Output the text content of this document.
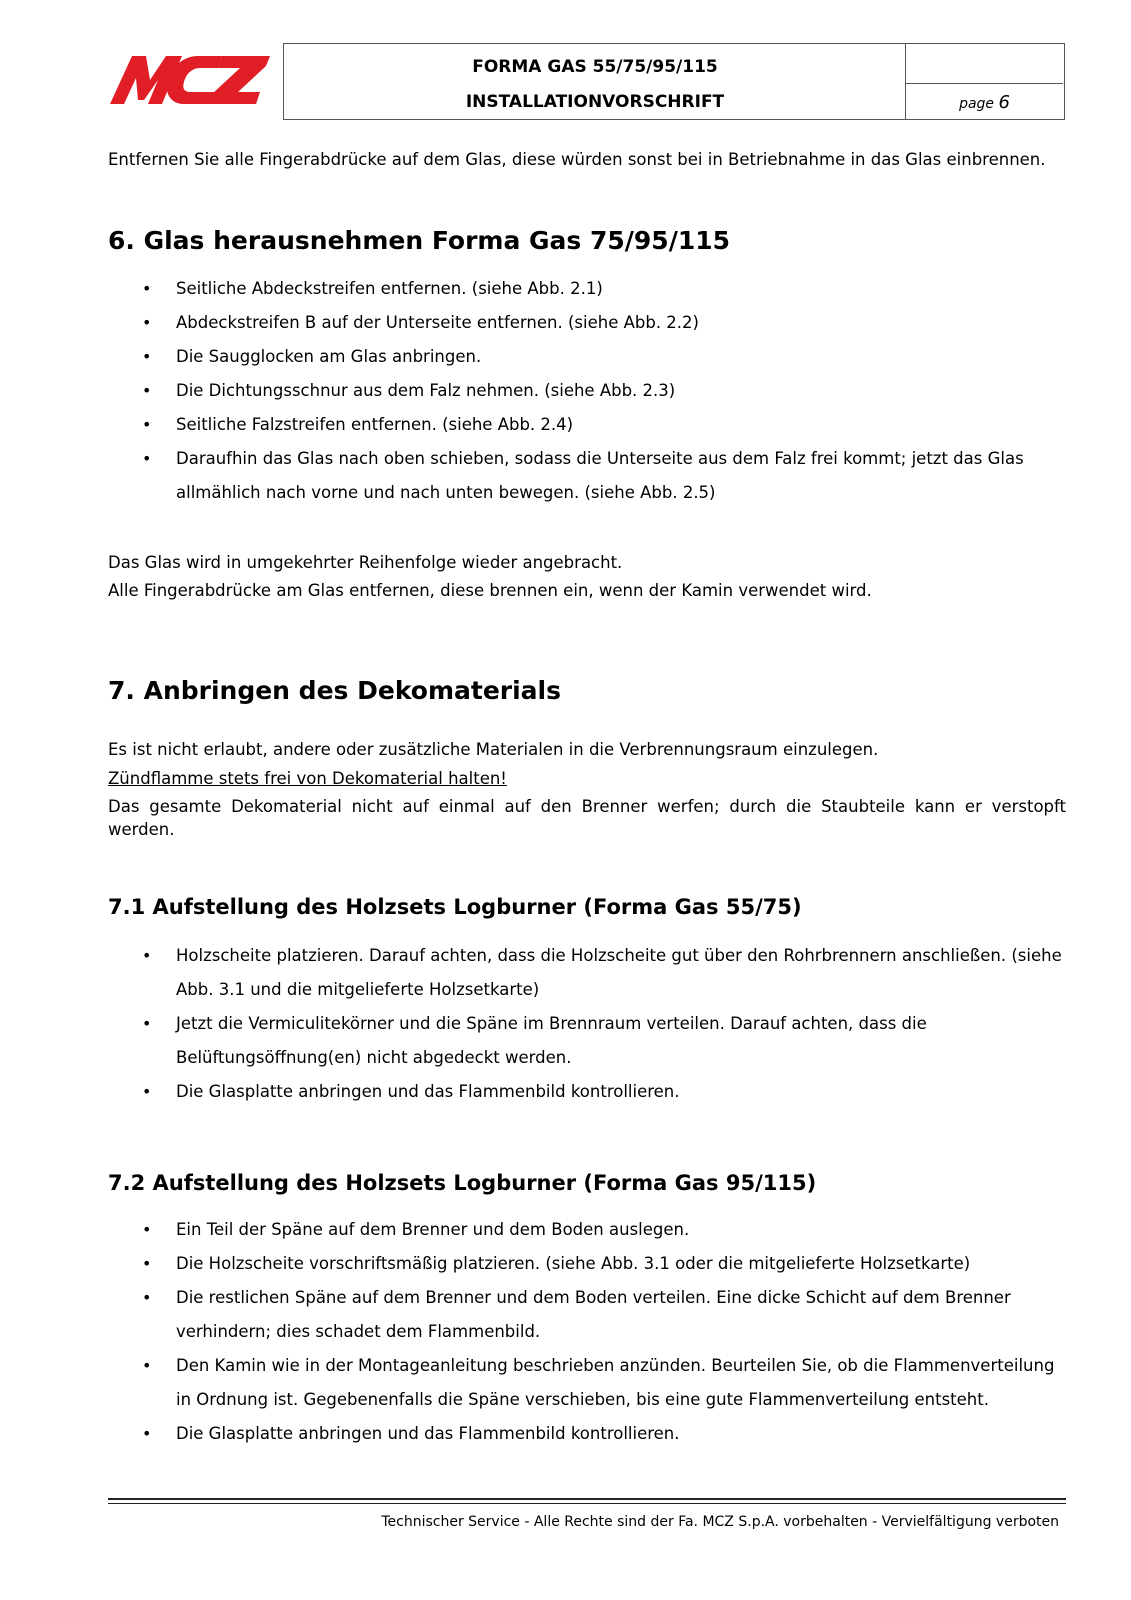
FORMA GAS 55/75/95/115
INSTALLATIONVORSCHRIFT	page 6
Entfernen Sie alle Fingerabdrücke auf dem Glas, diese würden sonst bei in Betriebnahme in das Glas einbrennen.
6. Glas herausnehmen Forma Gas 75/95/115
• Seitliche Abdeckstreifen entfernen. (siehe Abb. 2.1)
• Abdeckstreifen B auf der Unterseite entfernen. (siehe Abb. 2.2)
• Die Saugglocken am Glas anbringen.
• Die Dichtungsschnur aus dem Falz nehmen. (siehe Abb. 2.3)
• Seitliche Falzstreifen entfernen. (siehe Abb. 2.4)
• Daraufhin das Glas nach oben schieben, sodass die Unterseite aus dem Falz frei kommt; jetzt das Glas allmählich nach vorne und nach unten bewegen. (siehe Abb. 2.5)
Das Glas wird in umgekehrter Reihenfolge wieder angebracht.
Alle Fingerabdrücke am Glas entfernen, diese brennen ein, wenn der Kamin verwendet wird.
7. Anbringen des Dekomaterials
Es ist nicht erlaubt, andere oder zusätzliche Materialen in die Verbrennungsraum einzulegen.
Zündflamme stets frei von Dekomaterial halten!
Das gesamte Dekomaterial nicht auf einmal auf den Brenner werfen; durch die Staubteile kann er verstopft werden.
7.1 Aufstellung des Holzsets Logburner (Forma Gas 55/75)
• Holzscheite platzieren. Darauf achten, dass die Holzscheite gut über den Rohrbrennern anschließen. (siehe Abb. 3.1 und die mitgelieferte Holzsetkarte)
• Jetzt die Vermiculitekörner und die Späne im Brennraum verteilen. Darauf achten, dass die Belüftungsöffnung(en) nicht abgedeckt werden.
• Die Glasplatte anbringen und das Flammenbild kontrollieren.
7.2 Aufstellung des Holzsets Logburner (Forma Gas 95/115)
• Ein Teil der Späne auf dem Brenner und dem Boden auslegen.
• Die Holzscheite vorschriftsmäßig platzieren. (siehe Abb. 3.1 oder die mitgelieferte Holzsetkarte)
• Die restlichen Späne auf dem Brenner und dem Boden verteilen. Eine dicke Schicht auf dem Brenner verhindern; dies schadet dem Flammenbild.
• Den Kamin wie in der Montageanleitung beschrieben anzünden. Beurteilen Sie, ob die Flammenverteilung in Ordnung ist. Gegebenenfalls die Späne verschieben, bis eine gute Flammenverteilung entsteht.
• Die Glasplatte anbringen und das Flammenbild kontrollieren.
Technischer Service - Alle Rechte sind der Fa. MCZ S.p.A. vorbehalten - Vervielfältigung verboten
